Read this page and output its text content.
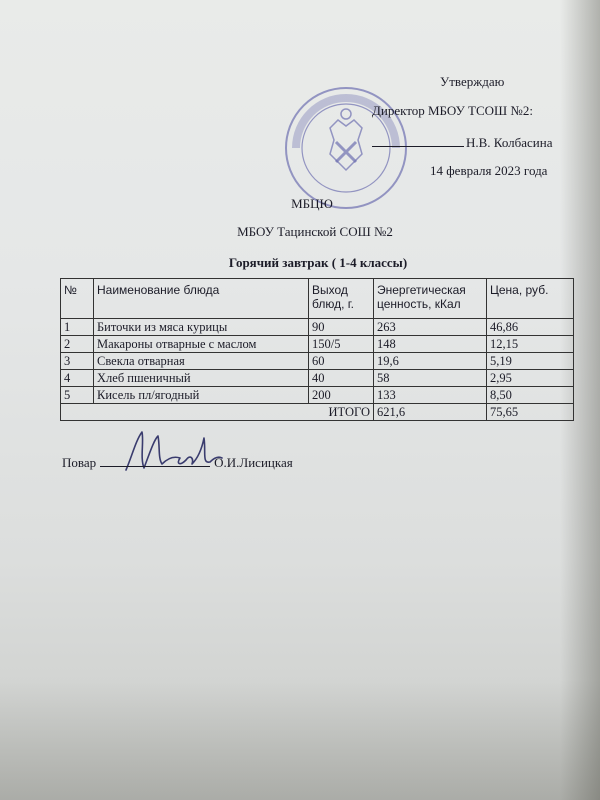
Утверждаю
Директор МБОУ ТСОШ №2:
Н.В. Колбасина
14 февраля 2023 года
МБЦЮ
МБОУ Тацинской СОШ №2
Горячий завтрак ( 1-4 классы)
№	Наименование блюда	Выход блюд, г.	Энергетическая ценность, кКал	Цена, руб.
1	Биточки из мяса курицы	90	263	46,86
2	Макароны отварные с маслом	150/5	148	12,15
3	Свекла отварная	60	19,6	5,19
4	Хлеб пшеничный	40	58	2,95
5	Кисель пл/ягодный	200	133	8,50
ИТОГО			621,6	75,65
Повар	О.И.Лисицкая
